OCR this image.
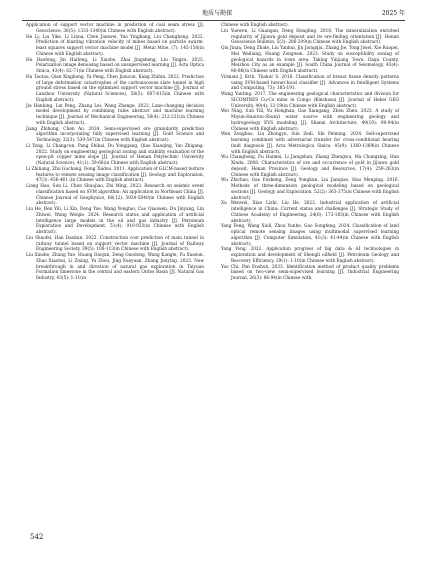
地质与勘探	2025 年

Application of support vector machine in prediction of coal seam stress [J]. Geoscience, 36(5): 1333-1340(in Chinese with English abstract).

He Li, Liu Yike, Li Linna, Chen Jianwei, Yao Yingkang, Liu Changhong. 2022. Prediction of blasting vibration velocity of mines based on particle swarm-least squares support vector machine model [J]. Metal Mine, (7): 145-150(in Chinese with English abstract).

Hu Haofeng, Jin Haifeng, Li Xiaobo, Zhai Jingsheng, Liu Tingzu. 2023. Polarization image denoising based on unsupervised learning [J]. Acta Optica Sinica, 43(4): 62-71(in Chinese with English abstract).

Hu Taotao, Qian Xinghong, Ya Peng, Chen Jiancun, Kang Zhibin. 2022. Prediction of large deformation catastrophes of the carbonaceous slate tunnel in high ground stress based on the optimized support vector machine [J]. Journal of Lanzhou University (Natural Sciences), 58(5): 607-615(in Chinese with English abstract).

Jia Hanbing, Lin Peng, Zhang Lei, Wang Zhenge. 2022. Lane-changing decision model development by combining rules abstract and machine learning technique [J]. Journal of Mechanical Engineering, 58(4): 212-221(in Chinese with English abstract).

Jiang Zhihong, Chen Ao. 2024. Semi-supervised ore granularity prediction algorithm incorporating fully supervised learning [J]. Gold Science and Technology, 32(3): 539-547(in Chinese with English abstract).

Li Yong, Li Changcun, Pang Shibai, Du Yonggang, Qiao Xiaoqing, Yao Zhigang. 2022. Study on engineering geological zoning and stability evaluation of the open-pit copper mine slope [J]. Journal of Henan Polytechnic University (Natural Science), 41(1): 59-66(in Chinese with English abstract).

Li Zhiliang, Zhu Guchang, Dong Taiduo. 2011. Application of GLCM-based texture features to remote sensing image classification [J]. Geology and Exploration, 47(3): 456-461 (in Chinese with English abstract).

Liang Hao, Sun Li, Chen Shuojiao, Zhi Ming. 2023. Research on seismic event classification based on SVM algorithm: An application in Northeast China [J]. Chinese Journal of Geophysics, 66(12): 5030-5040(in Chinese with English abstract).

Liu He, Ren Yili, Li Xin, Deng Yue, Wang Yongtao, Cao Qiaowen, Du Jinyang, Lin Zhiwei, Wang Wenjie. 2024. Research status and application of artificial intelligence large models in the oil and gas industry [J]. Petroleum Exploration and Development, 51(4): 910-923(in Chinese with English abstract).

Liu Shaofei, Han Daokun. 2022. Construction cost prediction of main tunnel in railway tunnel based on support vector machine [J]. Journal of Railway Engineering Society, 39(5): 108-113(in Chinese with English abstract).

Liu Xinshe, Zhang Yue, Huang Daojun, Deng Guodong, Wang Kangle, Fu Xuezun, Zhao Xiaohui, Li Zixing, Yu Zhou, Jing Xueyuan, Zhang Junying. 2023. New breakthrough in and direction of natural gas exploration in Taiyuan Formation limestone in the central and eastern Ordos Basin [J]. Natural Gas Industry, 43(5): 1-11(in

Chinese with English abstract).

Liu Yuewen, Li Guangan, Deng Hongling. 2010. The mineralization enriched regularity of Jijiawa gold deposit and its ore-finding orientation [J]. Henan Geoscience Bulletin, 5(3): 206-209(in Chinese with English abstract).

Qiu Jinan, Deng Zhide, Liu Yanhui, Jin Jiongqiu, Zhang Jie, Tong Jiwei, Xie Ruopei, Mei Weiliang, Huang Zongwen. 2023. Study on susceptibility zoning of geological hazards in town area: Taking Yinjiang Town, Daqu County, Meizhou City as an example [J]. South China Journal of Seismology, 43(4): 80-86(in Chinese with English abstract).

Virmani J, Kriti, Thakur S. 2018. Classification of breast tissue density patterns using SVM-based hierarchical classifier [J]. Advances in Intelligent Systems and Computing, 73): 185-191.

Wang Yanting. 2017. The engineering geological characteristics and division for SICOMINES Cu-Co mine in Congo (Kinshasa) [J]. Journal of Hebei GEO University, 40(4): 12-19(in Chinese with English abstract).

Wei Ning, Sun Yili, Yu Honghan, Gao Xiangang, Zhen Zhen. 2023. A study of Miyun-Huairou-Shunyi water source with engineering geology and hydrogeology EVS modeling [J]. Shanxi Architecture, 49(10): 90-94(in Chinese with English abstract).

Wen Zongbao, Liu Zhongyu, Sun Zedi, Shi Peiming. 2024. Self-supervised learning combined with adversarial transfer for cross-conditional bearing fault diagnosis [J]. Acta Metrologica Sinica, 45(9): 1360-1369(in Chinese with English abstract).

Wu Changhong, Fu Haimei, Li Jiangshan, Zhang Zhengwu, Ma Changxing, Han Xindu. 2008. Characteristics of ore and occurrence of gold in Jijiawa gold deposit, Henan Province [J]. Geology and Resources, 17(4): 259-263(in Chinese with English abstract).

Wu Zhichao, Gao Fusheng, Zeng Yongkun, Liu Jianqiao, Huo Menping. 2016. Methods of three-dimension geological modeling based on geological sections [J]. Geology and Exploration, 52(2): 363-375(in Chinese with English abstract).

Xu Wenwei, Xiao Lizhi, Liu He. 2022. Industrial application of artificial intelligence in China: Current status and challenges [J]. Strategic Study of Chinese Academy of Engineering, 24(6): 173-183(in Chinese with English abstract).

Yang Feng, Wang Xiuli, Zhou Yunhe, Gao Songfeng. 2024. Classification of land optical remote sensing images using multimodal supervised learning algorithm [J]. Computer Simulation, 41(3): 41-44(in Chinese with English abstract).

Yang Yong. 2022. Application progress of big data & AI technologies in exploration and development of Shengli oilfield [J]. Petroleum Geology and Recovery Efficiency, 29(1): 1-10(in Chinese with English abstract).

Yao Chi, Pan Enshun. 2023. Identification method of product quality problems based on two-view semi-supervised learning [J]. Industrial Engineering Journal, 26(3): 86-94(in Chinese with

542
